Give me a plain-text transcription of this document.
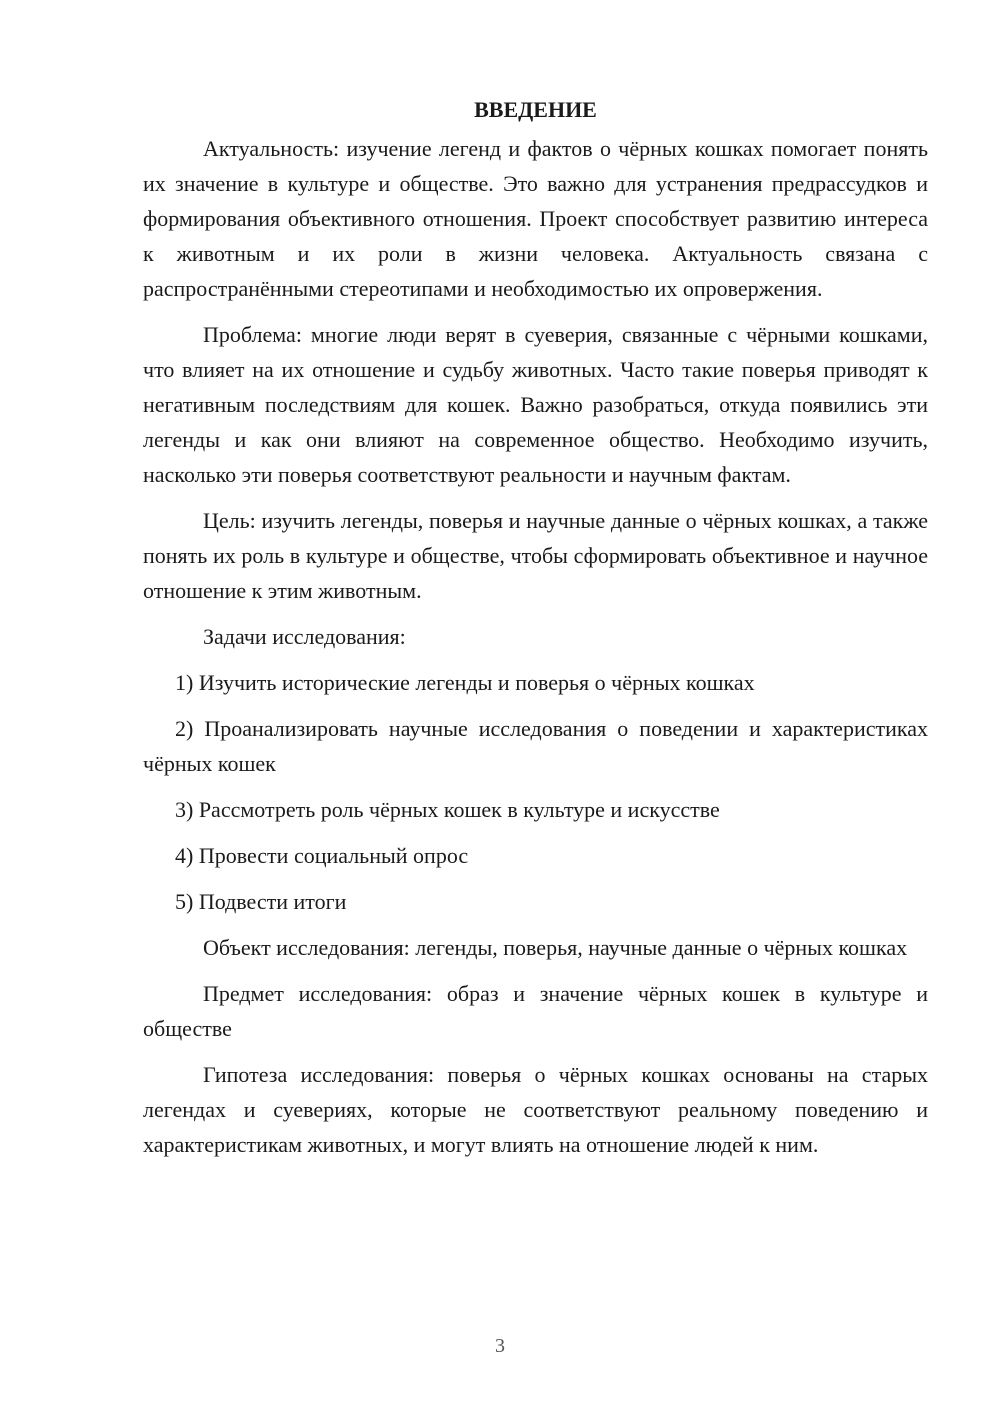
ВВЕДЕНИЕ

Актуальность: изучение легенд и фактов о чёрных кошках помогает понять их значение в культуре и обществе. Это важно для устранения предрассудков и формирования объективного отношения. Проект способствует развитию интереса к животным и их роли в жизни человека. Актуальность связана с распространёнными стереотипами и необходимостью их опровержения.

Проблема: многие люди верят в суеверия, связанные с чёрными кошками, что влияет на их отношение и судьбу животных. Часто такие поверья приводят к негативным последствиям для кошек. Важно разобраться, откуда появились эти легенды и как они влияют на современное общество. Необходимо изучить, насколько эти поверья соответствуют реальности и научным фактам.

Цель: изучить легенды, поверья и научные данные о чёрных кошках, а также понять их роль в культуре и обществе, чтобы сформировать объективное и научное отношение к этим животным.

Задачи исследования:

1) Изучить исторические легенды и поверья о чёрных кошках

2) Проанализировать научные исследования о поведении и характеристиках чёрных кошек

3) Рассмотреть роль чёрных кошек в культуре и искусстве

4) Провести социальный опрос

5) Подвести итоги

Объект исследования: легенды, поверья, научные данные о чёрных кошках

Предмет исследования: образ и значение чёрных кошек в культуре и обществе

Гипотеза исследования: поверья о чёрных кошках основаны на старых легендах и суевериях, которые не соответствуют реальному поведению и характеристикам животных, и могут влиять на отношение людей к ним.

3
